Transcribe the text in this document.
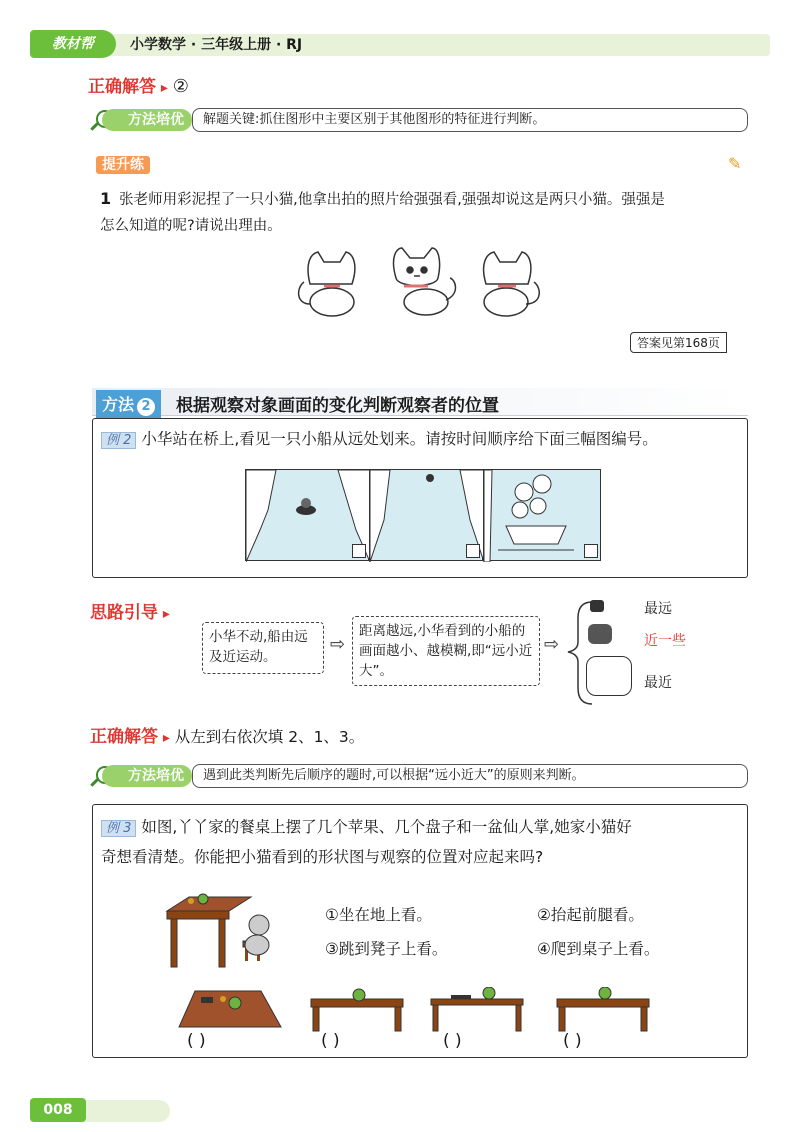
教材帮	小学数学 · 三年级上册 · RJ
正确解答 ▸ ②
方法培优	解题关键:抓住图形中主要区别于其他图形的特征进行判断。
提升练	✎
1 张老师用彩泥捏了一只小猫,他拿出拍的照片给强强看,强强却说这是两只小猫。强强是
怎么知道的呢?请说出理由。
答案见第168页
方法 2	根据观察对象画面的变化判断观察者的位置
例 2 小华站在桥上,看见一只小船从远处划来。请按时间顺序给下面三幅图编号。
思路引导 ▸
小华不动,船由远及近运动。
⇨
距离越远,小华看到的小船的画面越小、越模糊,即“远小近大”。
⇨
最远
近一些
最近
正确解答 ▸ 从左到右依次填 2、1、3。
方法培优	遇到此类判断先后顺序的题时,可以根据“远小近大”的原则来判断。
例 3 如图,丫丫家的餐桌上摆了几个苹果、几个盘子和一盆仙人掌,她家小猫好
奇想看清楚。你能把小猫看到的形状图与观察的位置对应起来吗?
①坐在地上看。	②抬起前腿看。
③跳到凳子上看。	④爬到桌子上看。
( )	( )	( )	( )
008
